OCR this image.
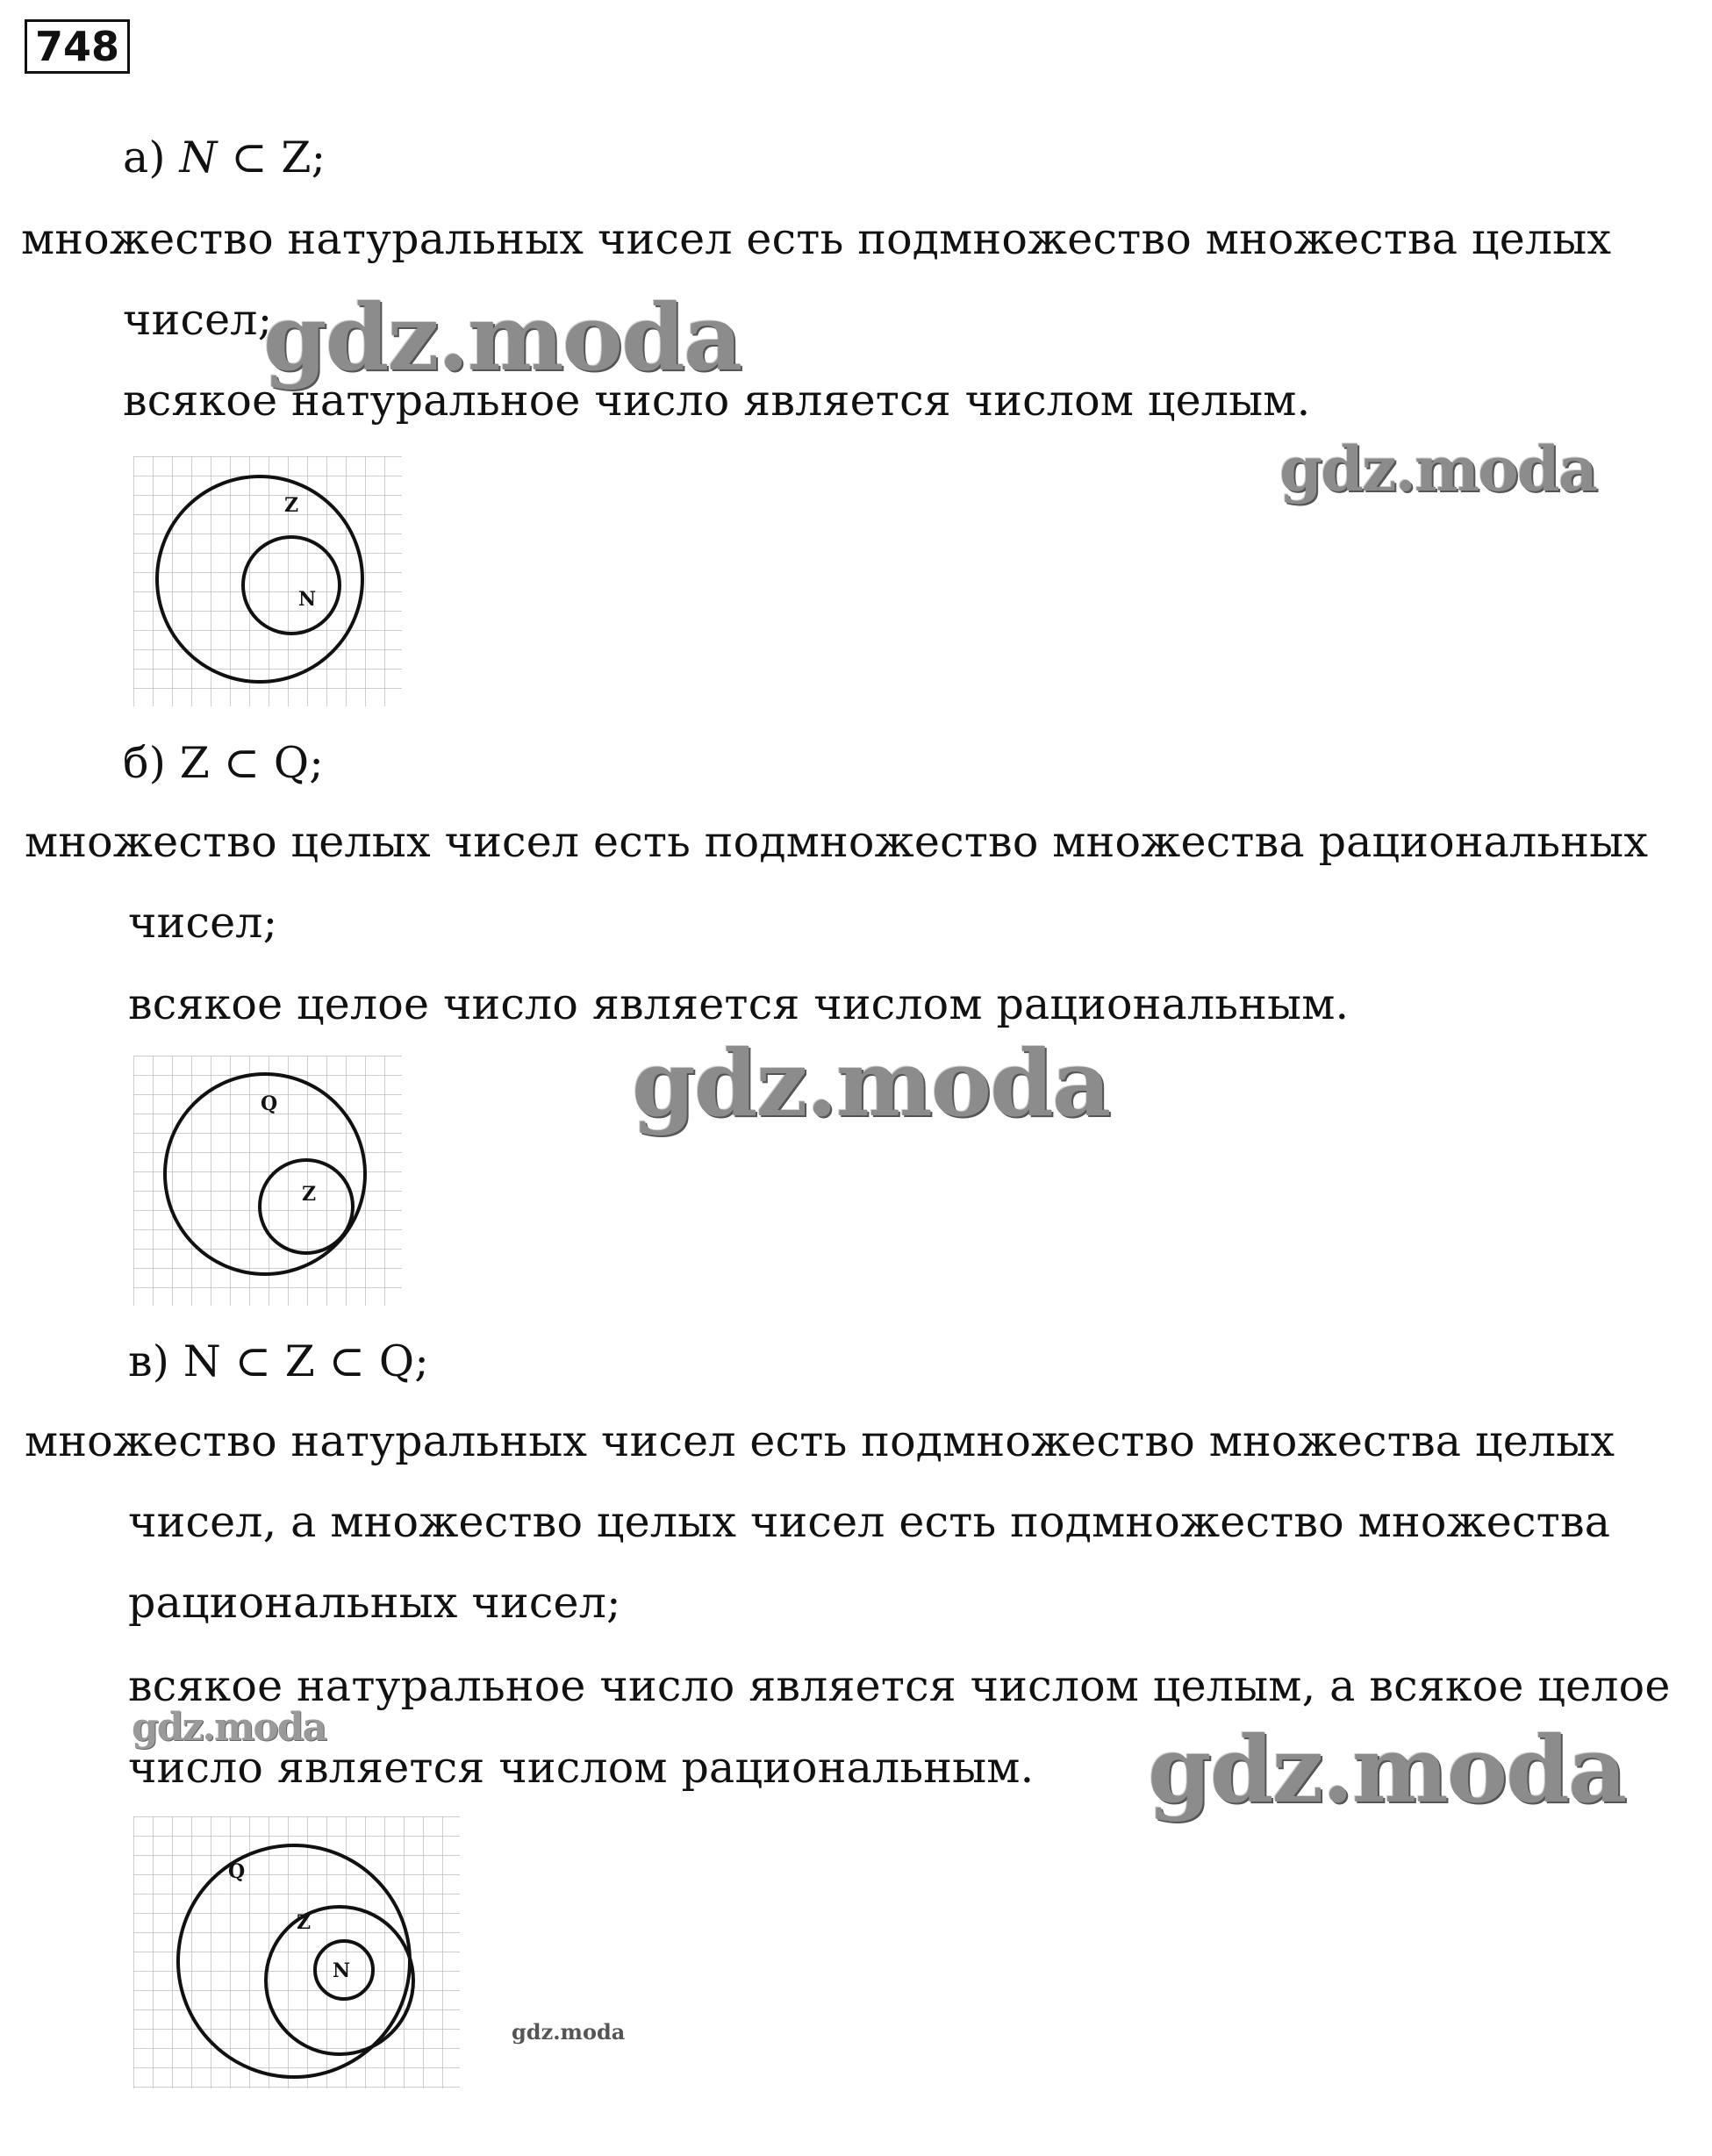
748
а) N ⊂ Z;
множество натуральных чисел есть подмножество множества целых
чисел;
всякое натуральное число является числом целым.
Z
N
б) Z ⊂ Q;
множество целых чисел есть подмножество множества рациональных
чисел;
всякое целое число является числом рациональным.
Q
Z
в) N ⊂ Z ⊂ Q;
множество натуральных чисел есть подмножество множества целых
чисел, а множество целых чисел есть подмножество множества
рациональных чисел;
всякое натуральное число является числом целым, а всякое целое
число является числом рациональным.
Q
Z
N
gdz.moda
gdz.moda
gdz.moda
gdz.moda	gdz.moda
gdz.moda
